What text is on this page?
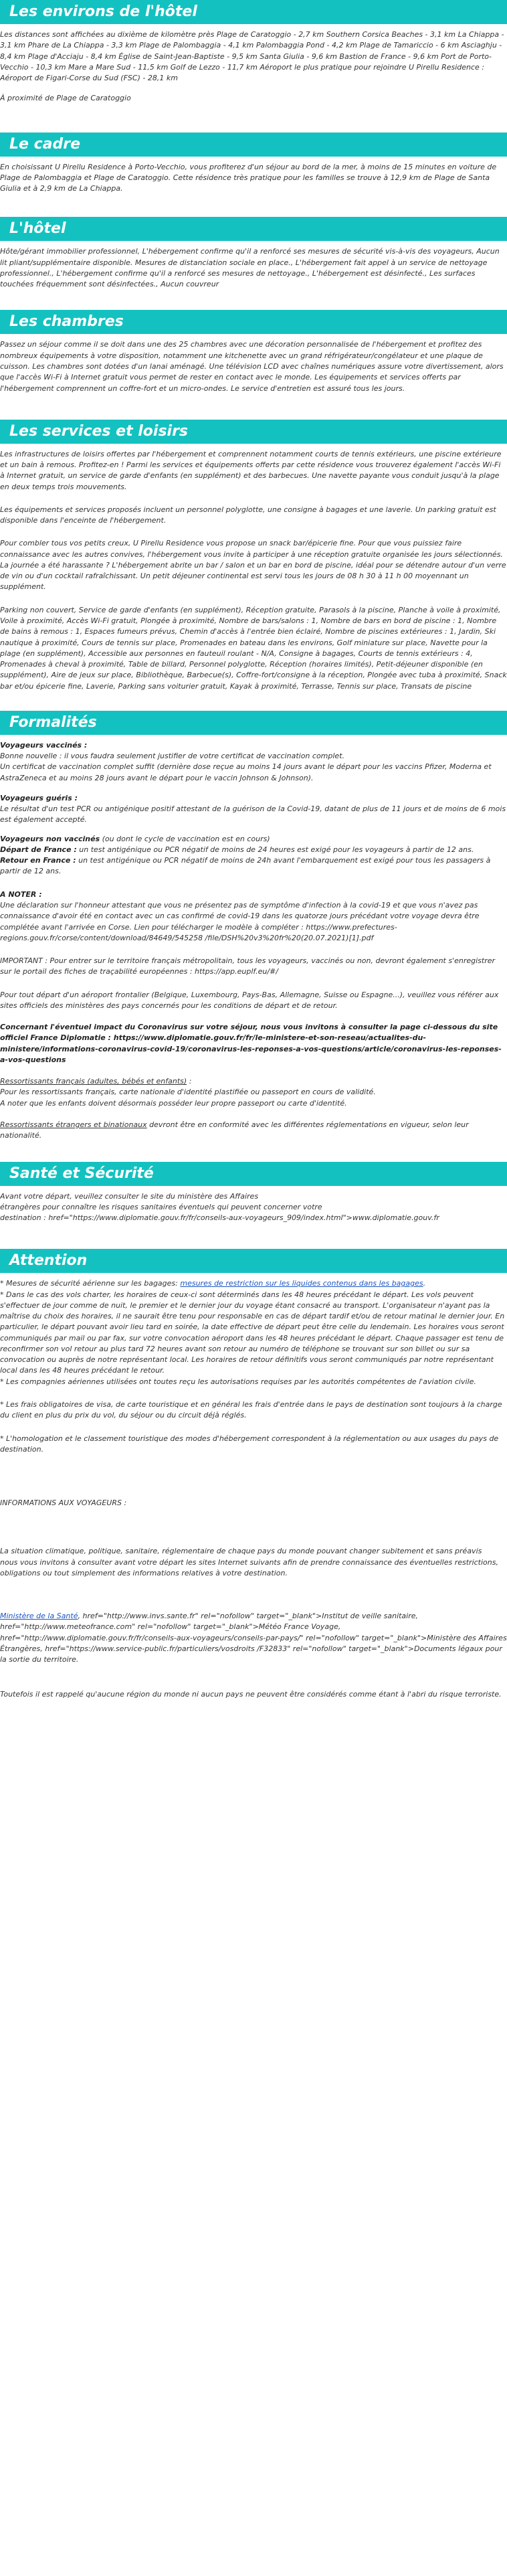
Les environs de l'hôtel

Les distances sont affichées au dixième de kilomètre près Plage de Caratoggio - 2,7 km Southern Corsica Beaches - 3,1 km La Chiappa - 3,1 km Phare de La Chiappa - 3,3 km Plage de Palombaggia - 4,1 km Palombaggia Pond - 4,2 km Plage de Tamariccio - 6 km Asciaghju - 8,4 km Plage d'Acciaju - 8,4 km Église de Saint-Jean-Baptiste - 9,5 km Santa Giulia - 9,6 km Bastion de France - 9,6 km Port de Porto-Vecchio - 10,3 km Mare a Mare Sud - 11,5 km Golf de Lezzo - 11,7 km Aéroport le plus pratique pour rejoindre U Pirellu Residence : Aéroport de Figari-Corse du Sud (FSC) - 28,1 km

À proximité de Plage de Caratoggio

Le cadre

En choisissant U Pirellu Residence à Porto-Vecchio, vous profiterez d'un séjour au bord de la mer, à moins de 15 minutes en voiture de Plage de Palombaggia et Plage de Caratoggio. Cette résidence très pratique pour les familles se trouve à 12,9 km de Plage de Santa Giulia et à 2,9 km de La Chiappa.

L'hôtel

Hôte/gérant immobilier professionnel, L'hébergement confirme qu'il a renforcé ses mesures de sécurité vis-à-vis des voyageurs, Aucun lit pliant/supplémentaire disponible. Mesures de distanciation sociale en place., L'hébergement fait appel à un service de nettoyage professionnel., L'hébergement confirme qu'il a renforcé ses mesures de nettoyage., L'hébergement est désinfecté., Les surfaces touchées fréquemment sont désinfectées., Aucun couvreur

Les chambres

Passez un séjour comme il se doit dans une des 25 chambres avec une décoration personnalisée de l'hébergement et profitez des nombreux équipements à votre disposition, notamment une kitchenette avec un grand réfrigérateur/congélateur et une plaque de cuisson. Les chambres sont dotées d'un lanai aménagé. Une télévision LCD avec chaînes numériques assure votre divertissement, alors que l'accès Wi-Fi à Internet gratuit vous permet de rester en contact avec le monde. Les équipements et services offerts par l'hébergement comprennent un coffre-fort et un micro-ondes. Le service d'entretien est assuré tous les jours.

Les services et loisirs

Les infrastructures de loisirs offertes par l'hébergement et comprennent notamment courts de tennis extérieurs, une piscine extérieure et un bain à remous. Profitez-en ! Parmi les services et équipements offerts par cette résidence vous trouverez également l'accès Wi-Fi à Internet gratuit, un service de garde d'enfants (en supplément) et des barbecues. Une navette payante vous conduit jusqu'à la plage en deux temps trois mouvements.

Les équipements et services proposés incluent un personnel polyglotte, une consigne à bagages et une laverie. Un parking gratuit est disponible dans l'enceinte de l'hébergement.

Pour combler tous vos petits creux, U Pirellu Residence vous propose un snack bar/épicerie fine. Pour que vous puissiez faire connaissance avec les autres convives, l'hébergement vous invite à participer à une réception gratuite organisée les jours sélectionnés. La journée a été harassante ? L'hébergement abrite un bar / salon et un bar en bord de piscine, idéal pour se détendre autour d'un verre de vin ou d'un cocktail rafraîchissant. Un petit déjeuner continental est servi tous les jours de 08 h 30 à 11 h 00 moyennant un supplément.

Parking non couvert, Service de garde d'enfants (en supplément), Réception gratuite, Parasols à la piscine, Planche à voile à proximité, Voile à proximité, Accès Wi-Fi gratuit, Plongée à proximité, Nombre de bars/salons : 1, Nombre de bars en bord de piscine : 1, Nombre de bains à remous : 1, Espaces fumeurs prévus, Chemin d'accès à l'entrée bien éclairé, Nombre de piscines extérieures : 1, Jardin, Ski nautique à proximité, Cours de tennis sur place, Promenades en bateau dans les environs, Golf miniature sur place, Navette pour la plage (en supplément), Accessible aux personnes en fauteuil roulant - N/A, Consigne à bagages, Courts de tennis extérieurs : 4, Promenades à cheval à proximité, Table de billard, Personnel polyglotte, Réception (horaires limités), Petit-déjeuner disponible (en supplément), Aire de jeux sur place, Bibliothèque, Barbecue(s), Coffre-fort/consigne à la réception, Plongée avec tuba à proximité, Snack bar et/ou épicerie fine, Laverie, Parking sans voiturier gratuit, Kayak à proximité, Terrasse, Tennis sur place, Transats de piscine

Formalités

Voyageurs vaccinés :
Bonne nouvelle : il vous faudra seulement justifier de votre certificat de vaccination complet.
Un certificat de vaccination complet suffit (dernière dose reçue au moins 14 jours avant le départ pour les vaccins Pfizer, Moderna et AstraZeneca et au moins 28 jours avant le départ pour le vaccin Johnson & Johnson).

Voyageurs guéris :
Le résultat d'un test PCR ou antigénique positif attestant de la guérison de la Covid-19, datant de plus de 11 jours et de moins de 6 mois est également accepté.

Voyageurs non vaccinés (ou dont le cycle de vaccination est en cours)
Départ de France : un test antigénique ou PCR négatif de moins de 24 heures est exigé pour les voyageurs à partir de 12 ans.
Retour en France : un test antigénique ou PCR négatif de moins de 24h avant l'embarquement est exigé pour tous les passagers à partir de 12 ans.

A NOTER :
Une déclaration sur l'honneur attestant que vous ne présentez pas de symptôme d'infection à la covid-19 et que vous n'avez pas connaissance d'avoir été en contact avec un cas confirmé de covid-19 dans les quatorze jours précédant votre voyage devra être complétée avant l'arrivée en Corse. Lien pour télécharger le modèle à compléter : https://www.prefectures-regions.gouv.fr/corse/content/download/84649/545258 /file/DSH%20v3%20fr%20(20.07.2021)[1].pdf

IMPORTANT : Pour entrer sur le territoire français métropolitain, tous les voyageurs, vaccinés ou non, devront également s'enregistrer sur le portail des fiches de traçabilité européennes : https://app.euplf.eu/#/

Pour tout départ d'un aéroport frontalier (Belgique, Luxembourg, Pays-Bas, Allemagne, Suisse ou Espagne...), veuillez vous référer aux sites officiels des ministères des pays concernés pour les conditions de départ et de retour.

Concernant l'éventuel impact du Coronavirus sur votre séjour, nous vous invitons à consulter la page ci-dessous du site officiel France Diplomatie : https://www.diplomatie.gouv.fr/fr/le-ministere-et-son-reseau/actualites-du-ministere/informations-coronavirus-covid-19/coronavirus-les-reponses-a-vos-questions/article/coronavirus-les-reponses-a-vos-questions

Ressortissants français (adultes, bébés et enfants) :
Pour les ressortissants français, carte nationale d'identité plastifiée ou passeport en cours de validité.
A noter que les enfants doivent désormais posséder leur propre passeport ou carte d'identité.

Ressortissants étrangers et binationaux devront être en conformité avec les différentes réglementations en vigueur, selon leur nationalité.

Santé et Sécurité

Avant votre départ, veuillez consulter le site du ministère des Affaires
étrangères pour connaître les risques sanitaires éventuels qui peuvent concerner votre
destination : href="https://www.diplomatie.gouv.fr/fr/conseils-aux-voyageurs_909/index.html">www.diplomatie.gouv.fr

Attention

* Mesures de sécurité aérienne sur les bagages: mesures de restriction sur les liquides contenus dans les bagages.
* Dans le cas des vols charter, les horaires de ceux-ci sont déterminés dans les 48 heures précédant le départ. Les vols peuvent s'effectuer de jour comme de nuit, le premier et le dernier jour du voyage étant consacré au transport. L'organisateur n'ayant pas la maîtrise du choix des horaires, il ne saurait être tenu pour responsable en cas de départ tardif et/ou de retour matinal le dernier jour. En particulier, le départ pouvant avoir lieu tard en soirée, la date effective de départ peut être celle du lendemain. Les horaires vous seront communiqués par mail ou par fax, sur votre convocation aéroport dans les 48 heures précédant le départ. Chaque passager est tenu de reconfirmer son vol retour au plus tard 72 heures avant son retour au numéro de téléphone se trouvant sur son billet ou sur sa convocation ou auprès de notre représentant local. Les horaires de retour définitifs vous seront communiqués par notre représentant local dans les 48 heures précédant le retour.
* Les compagnies aériennes utilisées ont toutes reçu les autorisations requises par les autorités compétentes de l'aviation civile.

* Les frais obligatoires de visa, de carte touristique et en général les frais d'entrée dans le pays de destination sont toujours à la charge du client en plus du prix du vol, du séjour ou du circuit déjà réglés.

* L'homologation et le classement touristique des modes d'hébergement correspondent à la réglementation ou aux usages du pays de destination.

INFORMATIONS AUX VOYAGEURS :

La situation climatique, politique, sanitaire, réglementaire de chaque pays du monde pouvant changer subitement et sans préavis
nous vous invitons à consulter avant votre départ les sites Internet suivants afin de prendre connaissance des éventuelles restrictions, obligations ou tout simplement des informations relatives à votre destination.

Ministère de la Santé, href="http://www.invs.sante.fr" rel="nofollow" target="_blank">Institut de veille sanitaire, href="http://www.meteofrance.com" rel="nofollow" target="_blank">Météo France Voyage, href="http://www.diplomatie.gouv.fr/fr/conseils-aux-voyageurs/conseils-par-pays/" rel="nofollow" target="_blank">Ministère des Affaires Étrangères, href="https://www.service-public.fr/particuliers/vosdroits /F32833" rel="nofollow" target="_blank">Documents légaux pour la sortie du territoire.

Toutefois il est rappelé qu'aucune région du monde ni aucun pays ne peuvent être considérés comme étant à l'abri du risque terroriste.
